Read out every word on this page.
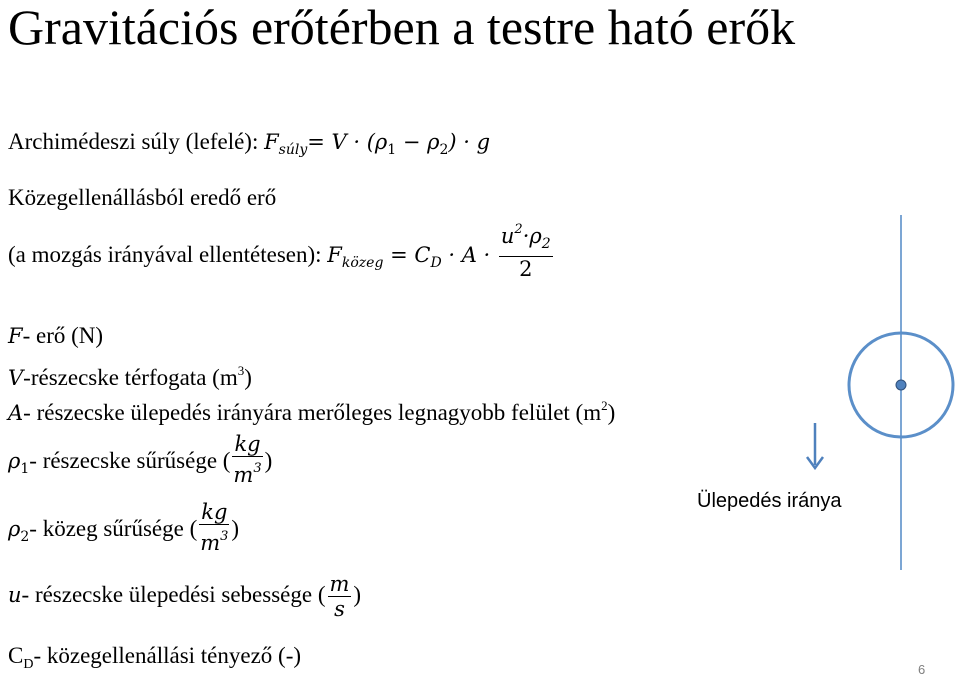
Gravitációs erőtérben a testre ható erők
Archimédeszi súly (lefelé): $F_{súly}= V \cdot (\rho_1 - \rho_2) \cdot g$
Közegellenállásból eredő erő
(a mozgás irányával ellentétesen): $F_{közeg} = C_D \cdot A \cdot \frac{u^2\cdot\rho_2}{2}$
F- erő (N)
V-részecske térfogata $(m^3)$
A- részecske ülepedés irányára merőleges legnagyobb felület $(m^2)$
$\rho_1-$ részecske sűrűsége ( $\frac{kg}{m^3}$ )
$\rho_2-$ közeg sűrűsége ( $\frac{kg}{m^3}$ )
u- részecske ülepedési sebessége ( $\frac{m}{s}$ )
$C_D-$ közegellenállási tényező (-)
Ülepedés iránya
6
